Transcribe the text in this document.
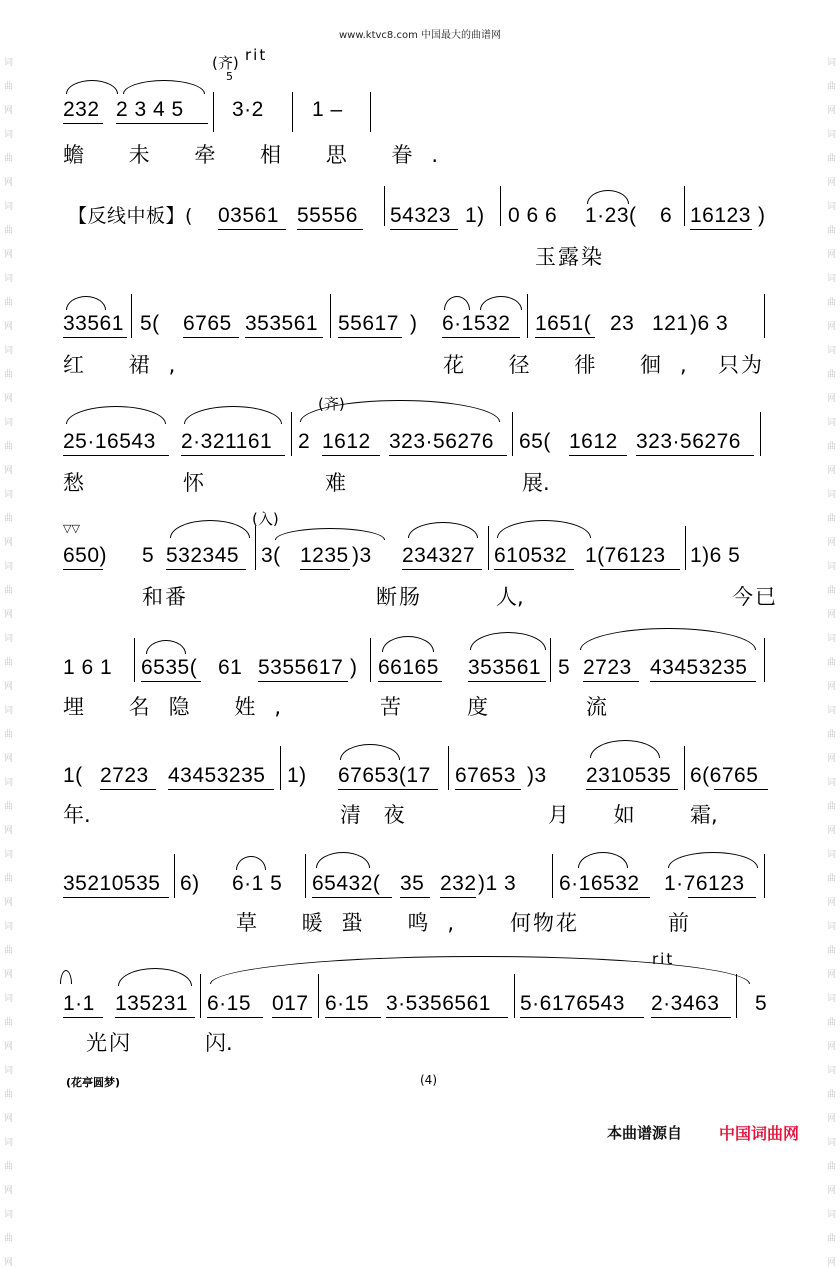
词
曲
网
词
曲
网
词
曲
网
词
曲
网
词
曲
网
词
曲
网
词
曲
网
词
曲
网
词
曲
网
词
曲
网
词
曲
网
词
曲
网
词
曲
网
词
曲
网
词
曲
网
词
曲
网
词
曲
网
词
曲
网
词
曲
网
词
曲
网
词
曲
网
词
曲
网
词
曲
网
词
曲
网
词
曲
网
词
曲
网
词
曲
网
词
曲
网
词
曲
网
词
曲
网
词
曲
网
词
曲
网
词
曲
网
词
曲
网
www.ktvc8.com 中国最大的曲谱网
(齐) rit
5
232 2 3 4 5 3·2 1 –
蟾 未 牵 相 思 眷.
【反线中板】( 03561 55556 54323 1) 0 6 6 1·23( 6 16123 )
玉露染
33561 5( 6765 353561 55617 ) 6·1532 1651( 23 121 )6 3
红 裙,	花 径 徘 徊, 只为
(齐)
25·16543 2·321161 2 1612 323·56276 65( 1612 323·56276
愁	怀	难	展.
▽▽
(入)
650) 5 532345 3( 1235 )3 234327 610532 1(76123 1)6 5
和番	断肠	人,	今已
1 6 1 6535( 61 5355617 ) 66165 353561 5 2723 43453235
埋 名隐 姓,	苦 度	流
1( 2723 43453235 1) 67653(17 67653 )3 2310535 6(6765
年.	清 夜	月 如 霜,
35210535 6) 6·1 5 65432( 35 232 )1 3 6·16532 1·76123
草 暖蛩 鸣, 何物花	前
rit
1·1 135231 6·15 017 6·15 3·5356561 5·6176543 2·3463 5
光闪	闪.
(花亭圆梦)	(4)
本曲谱源自 中国词曲网
